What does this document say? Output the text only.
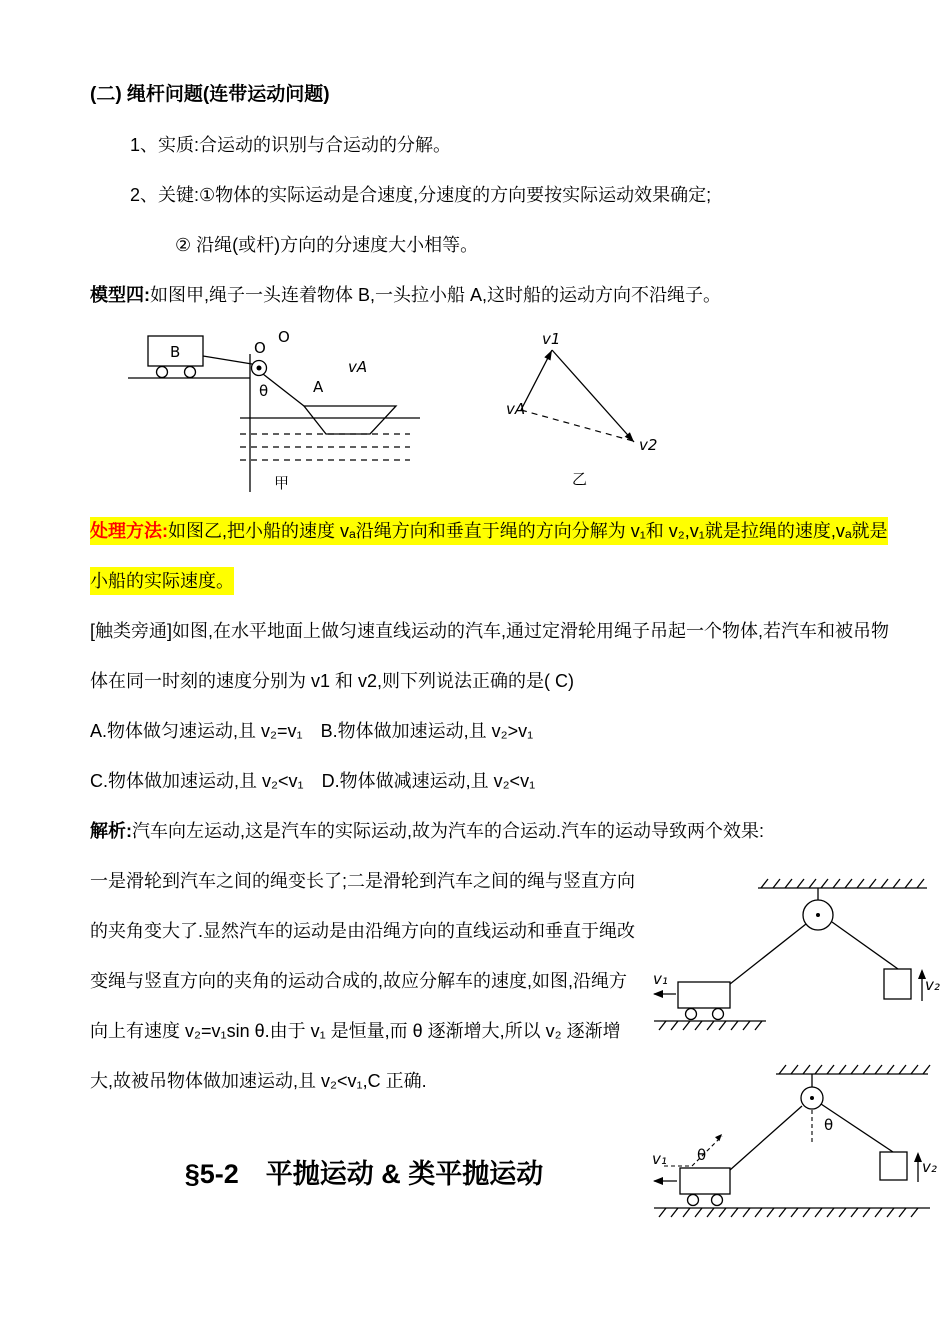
(二) 绳杆问题(连带运动问题)

1、实质:合运动的识别与合运动的分解。

2、关键:①物体的实际运动是合速度,分速度的方向要按实际运动效果确定;

② 沿绳(或杆)方向的分速度大小相等。

模型四:如图甲,绳子一头连着物体 B,一头拉小船 A,这时船的运动方向不沿绳子。

B
O
O
θ	A
vA
甲
v1
vA
v2
乙

处理方法:如图乙,把小船的速度 vₐ沿绳方向和垂直于绳的方向分解为 v₁和 v₂,v₁就是拉绳的速度,vₐ就是小船的实际速度。

[触类旁通]如图,在水平地面上做匀速直线运动的汽车,通过定滑轮用绳子吊起一个物体,若汽车和被吊物体在同一时刻的速度分别为 v1 和 v2,则下列说法正确的是( C)

A.物体做匀速运动,且 v₂=v₁　B.物体做加速运动,且 v₂>v₁

C.物体做加速运动,且 v₂<v₁　D.物体做减速运动,且 v₂<v₁

解析:汽车向左运动,这是汽车的实际运动,故为汽车的合运动.汽车的运动导致两个效果:

v₂
v₁
θ
v₂
θ
v₁

一是滑轮到汽车之间的绳变长了;二是滑轮到汽车之间的绳与竖直方向的夹角变大了.显然汽车的运动是由沿绳方向的直线运动和垂直于绳改变绳与竖直方向的夹角的运动合成的,故应分解车的速度,如图,沿绳方向上有速度 v₂=v₁sin θ.由于 v₁ 是恒量,而 θ 逐渐增大,所以 v₂ 逐渐增大,故被吊物体做加速运动,且 v₂<v₁,C 正确.

§5-2　平抛运动 & 类平抛运动
